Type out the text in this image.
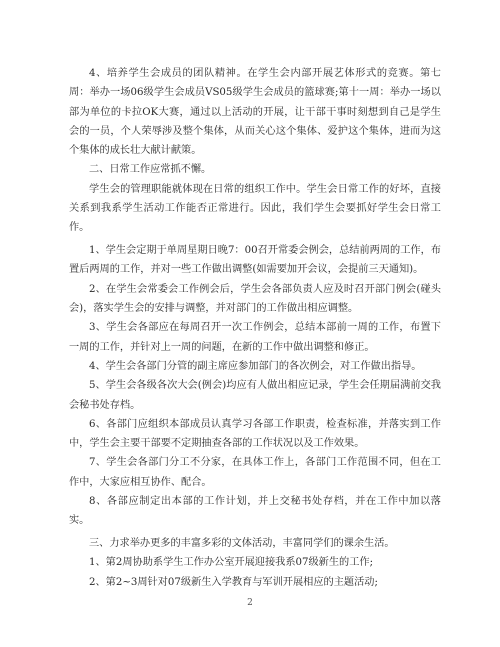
4、培养学生会成员的团队精神。在学生会内部开展艺体形式的竞赛。第七周：举办一场06级学生会成员VS05级学生会成员的篮球赛;第十一周：举办一场以部为单位的卡拉OK大赛，通过以上活动的开展，让干部干事时刻想到自己是学生会的一员，个人荣辱涉及整个集体，从而关心这个集体、爱护这个集体，进而为这个集体的成长壮大献计献策。

二、日常工作应常抓不懈。

学生会的管理职能就体现在日常的组织工作中。学生会日常工作的好坏，直接关系到我系学生活动工作能否正常进行。因此，我们学生会要抓好学生会日常工作。

1、学生会定期于单周星期日晚7：00召开常委会例会，总结前两周的工作，布置后两周的工作，并对一些工作做出调整(如需要加开会议，会提前三天通知)。

2、在学生会常委会工作例会后，学生会各部负责人应及时召开部门例会(碰头会)，落实学生会的安排与调整，并对部门的工作做出相应调整。

3、学生会各部应在每周召开一次工作例会，总结本部前一周的工作，布置下一周的工作，并针对上一周的问题，在新的工作中做出调整和修正。

4、学生会各部门分管的副主席应参加部门的各次例会，对工作做出指导。

5、学生会各级各次大会(例会)均应有人做出相应记录，学生会任期届满前交我会秘书处存档。

6、各部门应组织本部成员认真学习各部工作职责，检查标准，并落实到工作中，学生会主要干部要不定期抽查各部的工作状况以及工作效果。

7、学生会各部门分工不分家，在具体工作上，各部门工作范围不同，但在工作中，大家应相互协作、配合。

8、各部应制定出本部的工作计划，并上交秘书处存档，并在工作中加以落实。

三、力求举办更多的丰富多彩的文体活动，丰富同学们的课余生活。

1、第2周协助系学生工作办公室开展迎接我系07级新生的工作;

2、第2~3周针对07级新生入学教育与军训开展相应的主题活动;

2
